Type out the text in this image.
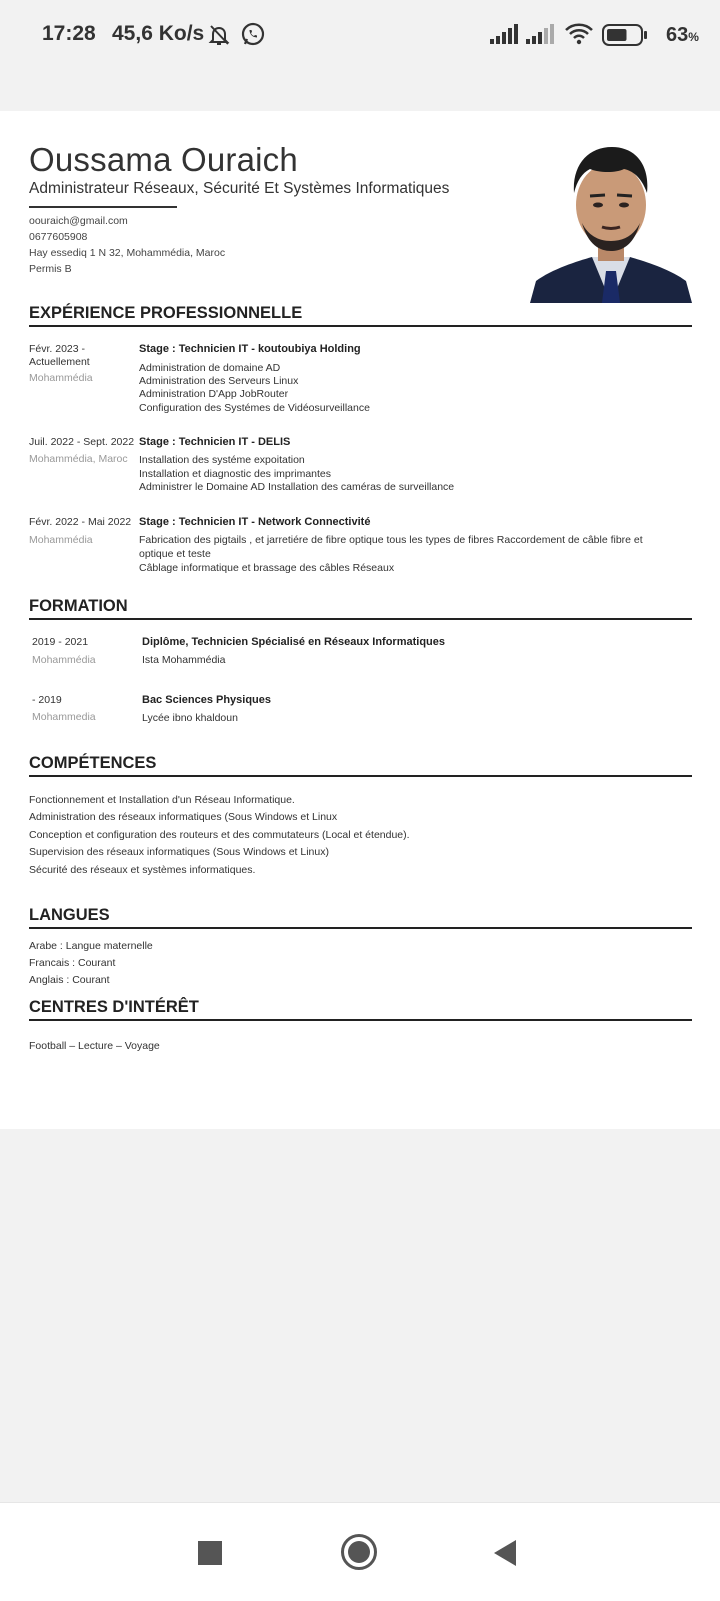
17:28 45,6 Ko/s	63%
Oussama Ouraich
Administrateur Réseaux, Sécurité Et Systèmes Informatiques
oouraich@gmail.com
0677605908
Hay essediq 1 N 32, Mohammédia, Maroc
Permis B
EXPÉRIENCE PROFESSIONNELLE
Févr. 2023 - Actuellement
Mohammédia
Stage : Technicien IT - koutoubiya Holding
Administration de domaine AD
Administration des Serveurs Linux
Administration D'App JobRouter
Configuration des Systémes de Vidéosurveillance
Juil. 2022 - Sept. 2022
Mohammédia, Maroc
Stage : Technicien IT - DELIS
Installation des systéme expoitation
Installation et diagnostic des imprimantes
Administrer le Domaine AD Installation des caméras de surveillance
Févr. 2022 - Mai 2022
Mohammédia
Stage : Technicien IT - Network Connectivité
Fabrication des pigtails , et jarretiére de fibre optique tous les types de fibres Raccordement de câble fibre et optique et teste
Câblage informatique et brassage des câbles Réseaux
FORMATION
2019 - 2021
Mohammédia
Diplôme, Technicien Spécialisé en Réseaux Informatiques
Ista Mohammédia
- 2019
Mohammedia
Bac Sciences Physiques
Lycée ibno khaldoun
COMPÉTENCES
Fonctionnement et Installation d'un Réseau Informatique.
Administration des réseaux informatiques (Sous Windows et Linux
Conception et configuration des routeurs et des commutateurs (Local et étendue).
Supervision des réseaux informatiques (Sous Windows et Linux)
Sécurité des réseaux et systèmes informatiques.
LANGUES
Arabe : Langue maternelle
Francais : Courant
Anglais : Courant
CENTRES D'INTÉRÊT
Football – Lecture – Voyage
